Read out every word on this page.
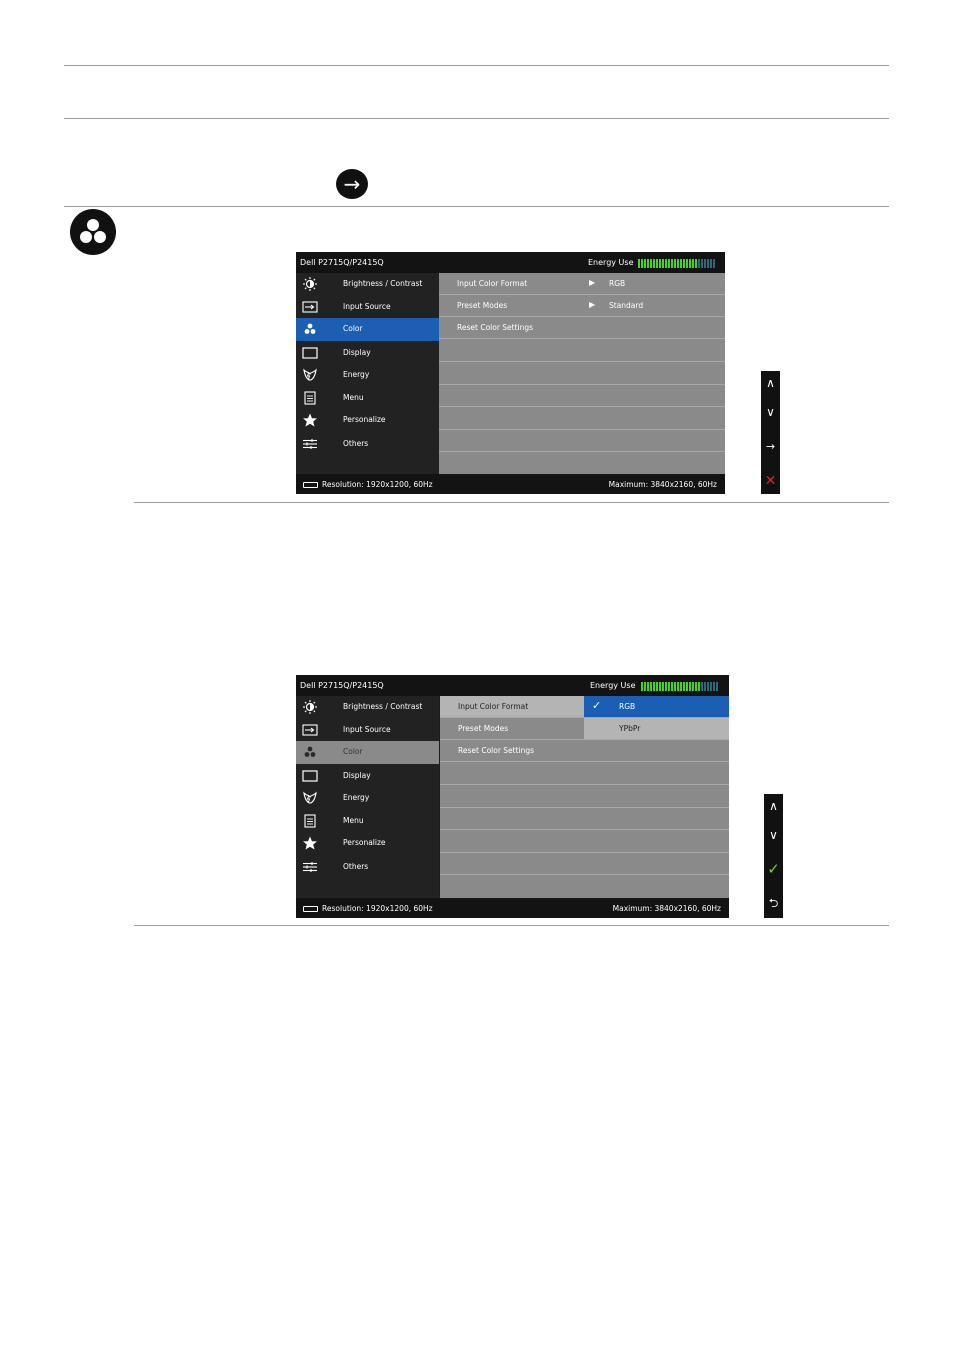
→
Dell P2715Q/P2415Q	Energy Use
Brightness / Contrast
Input Source
Color
Display
Energy
Menu
Personalize
Others
Input Color Format	▶ RGB
Preset Modes	▶ Standard
Reset Color Settings
Resolution: 1920x1200, 60Hz	Maximum: 3840x2160, 60Hz
∧
∨
→
✕
Dell P2715Q/P2415Q	Energy Use
Brightness / Contrast
Input Source
Color
Display
Energy
Menu
Personalize
Others
Input Color Format	✓ RGB
Preset Modes	YPbPr
Reset Color Settings
Resolution: 1920x1200, 60Hz	Maximum: 3840x2160, 60Hz
∧
∨
✓
⮌
